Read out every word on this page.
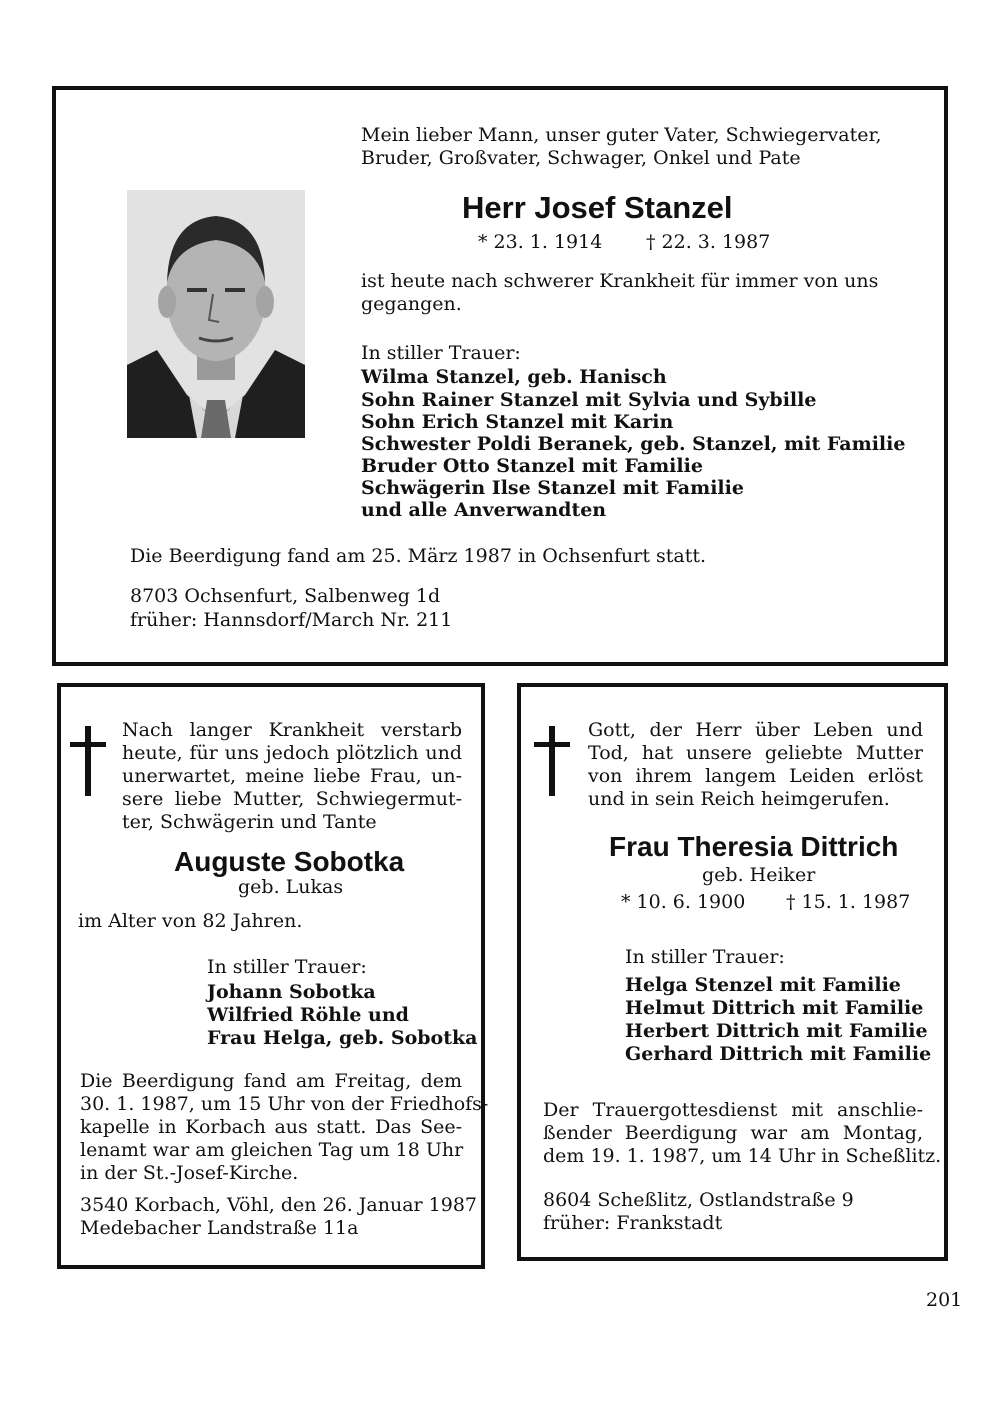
Mein lieber Mann, unser guter Vater, Schwiegervater,
Bruder, Großvater, Schwager, Onkel und Pate
Herr Josef Stanzel
* 23. 1. 1914 † 22. 3. 1987
ist heute nach schwerer Krankheit für immer von uns
gegangen.
In stiller Trauer:
Wilma Stanzel, geb. Hanisch
Sohn Rainer Stanzel mit Sylvia und Sybille
Sohn Erich Stanzel mit Karin
Schwester Poldi Beranek, geb. Stanzel, mit Familie
Bruder Otto Stanzel mit Familie
Schwägerin Ilse Stanzel mit Familie
und alle Anverwandten
Die Beerdigung fand am 25. März 1987 in Ochsenfurt statt.
8703 Ochsenfurt, Salbenweg 1d
früher: Hannsdorf/March Nr. 211
Nach langer Krankheit verstarb
heute, für uns jedoch plötzlich und
unerwartet, meine liebe Frau, un-
sere liebe Mutter, Schwiegermut-
ter, Schwägerin und Tante
Auguste Sobotka
geb. Lukas
im Alter von 82 Jahren.
In stiller Trauer:
Johann Sobotka
Wilfried Röhle und
Frau Helga, geb. Sobotka
Die Beerdigung fand am Freitag, dem
30. 1. 1987, um 15 Uhr von der Friedhofs-
kapelle in Korbach aus statt. Das See-
lenamt war am gleichen Tag um 18 Uhr
in der St.-Josef-Kirche.
3540 Korbach, Vöhl, den 26. Januar 1987
Medebacher Landstraße 11a
Gott, der Herr über Leben und
Tod, hat unsere geliebte Mutter
von ihrem langem Leiden erlöst
und in sein Reich heimgerufen.
Frau Theresia Dittrich
geb. Heiker
* 10. 6. 1900 † 15. 1. 1987
In stiller Trauer:
Helga Stenzel mit Familie
Helmut Dittrich mit Familie
Herbert Dittrich mit Familie
Gerhard Dittrich mit Familie
Der Trauergottesdienst mit anschlie-
ßender Beerdigung war am Montag,
dem 19. 1. 1987, um 14 Uhr in Scheßlitz.
8604 Scheßlitz, Ostlandstraße 9
früher: Frankstadt
201
